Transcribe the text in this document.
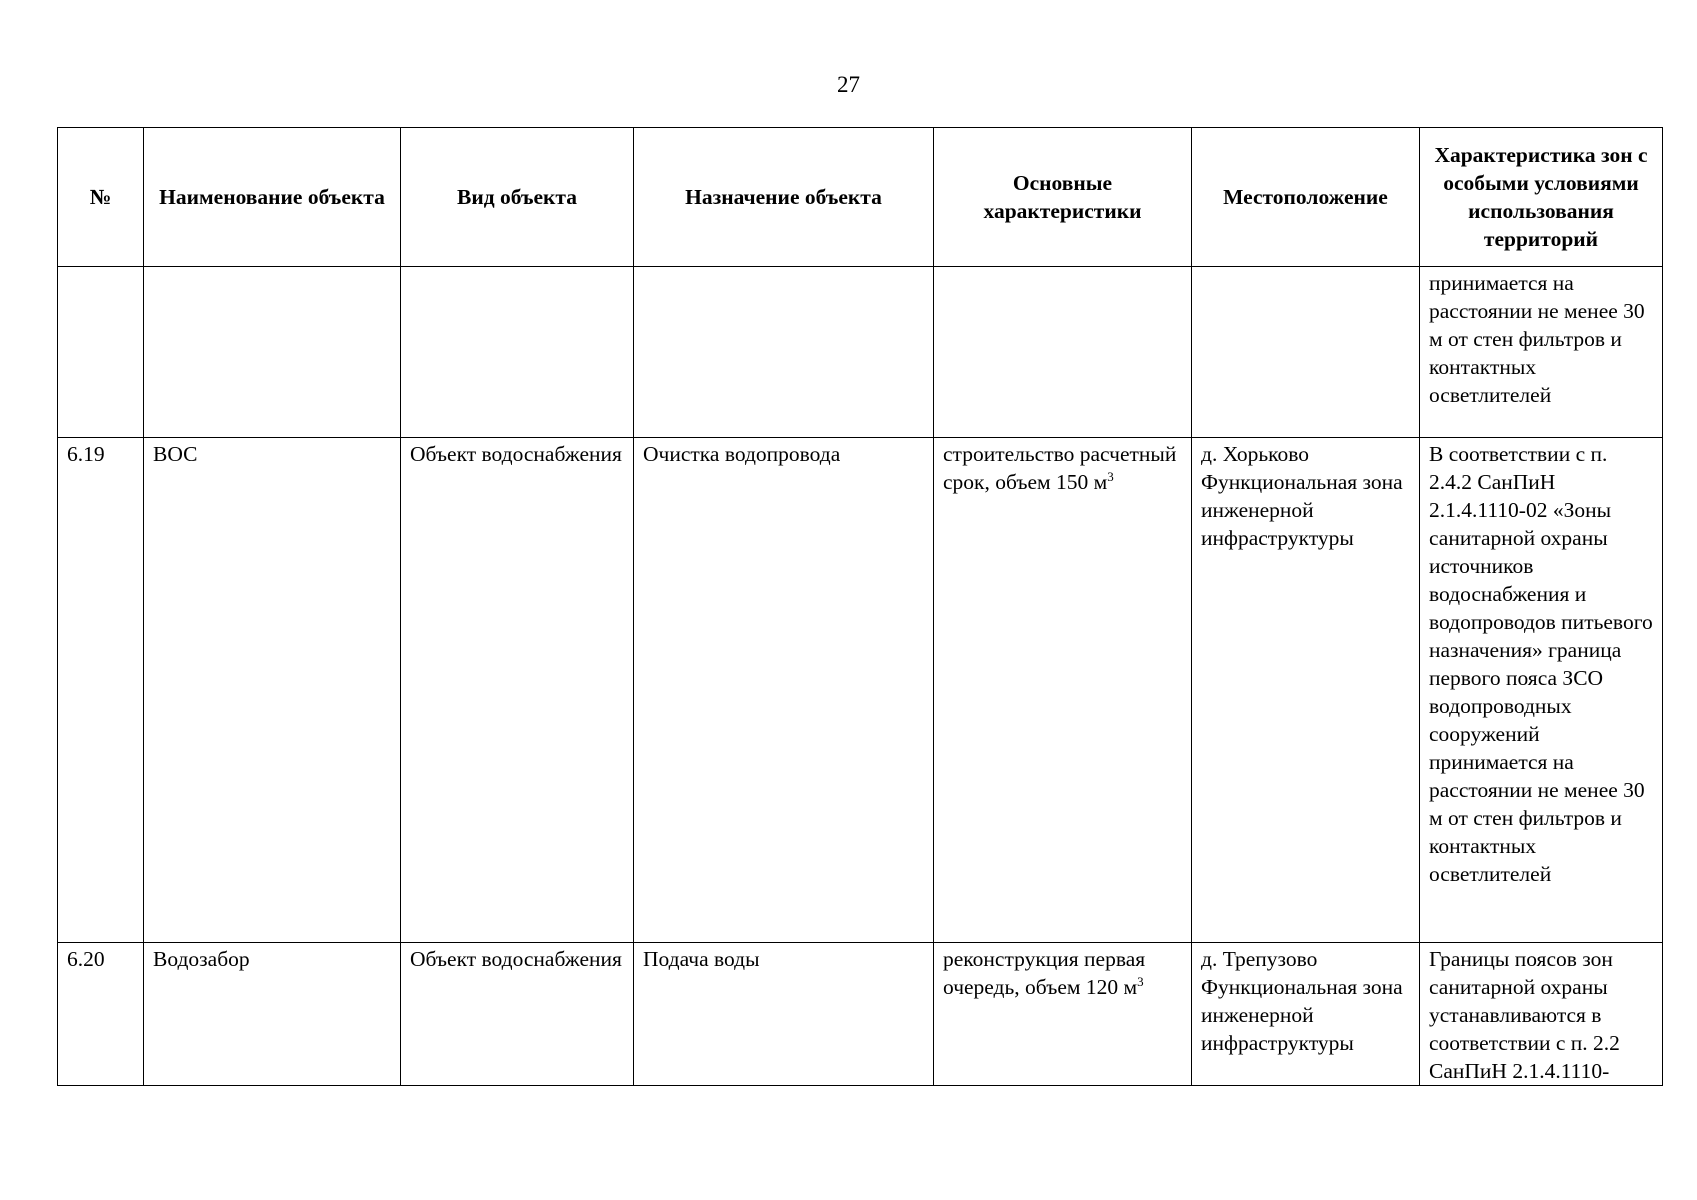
27
№	Наименование объекта	Вид объекта	Назначение объекта	Основные характеристики	Местоположение	Характеристика зон с особыми условиями использования территорий
						принимается на расстоянии не менее 30 м от стен фильтров и контактных осветлителей
6.19	ВОС	Объект водоснабжения	Очистка водопровода	строительство расчетный срок, объем 150 $м^3$	д. Хорьково Функциональная зона инженерной инфраструктуры	В соответствии с п. 2.4.2 СанПиН 2.1.4.1110-02 «Зоны санитарной охраны источников водоснабжения и водопроводов питьевого назначения» граница первого пояса ЗСО водопроводных сооружений принимается на расстоянии не менее 30 м от стен фильтров и контактных осветлителей
6.20	Водозабор	Объект водоснабжения	Подача воды	реконструкция первая очередь, объем 120 $м^3$	д. Трепузово Функциональная зона инженерной инфраструктуры	Границы поясов зон санитарной охраны устанавливаются в соответствии с п. 2.2 СанПиН 2.1.4.1110-
